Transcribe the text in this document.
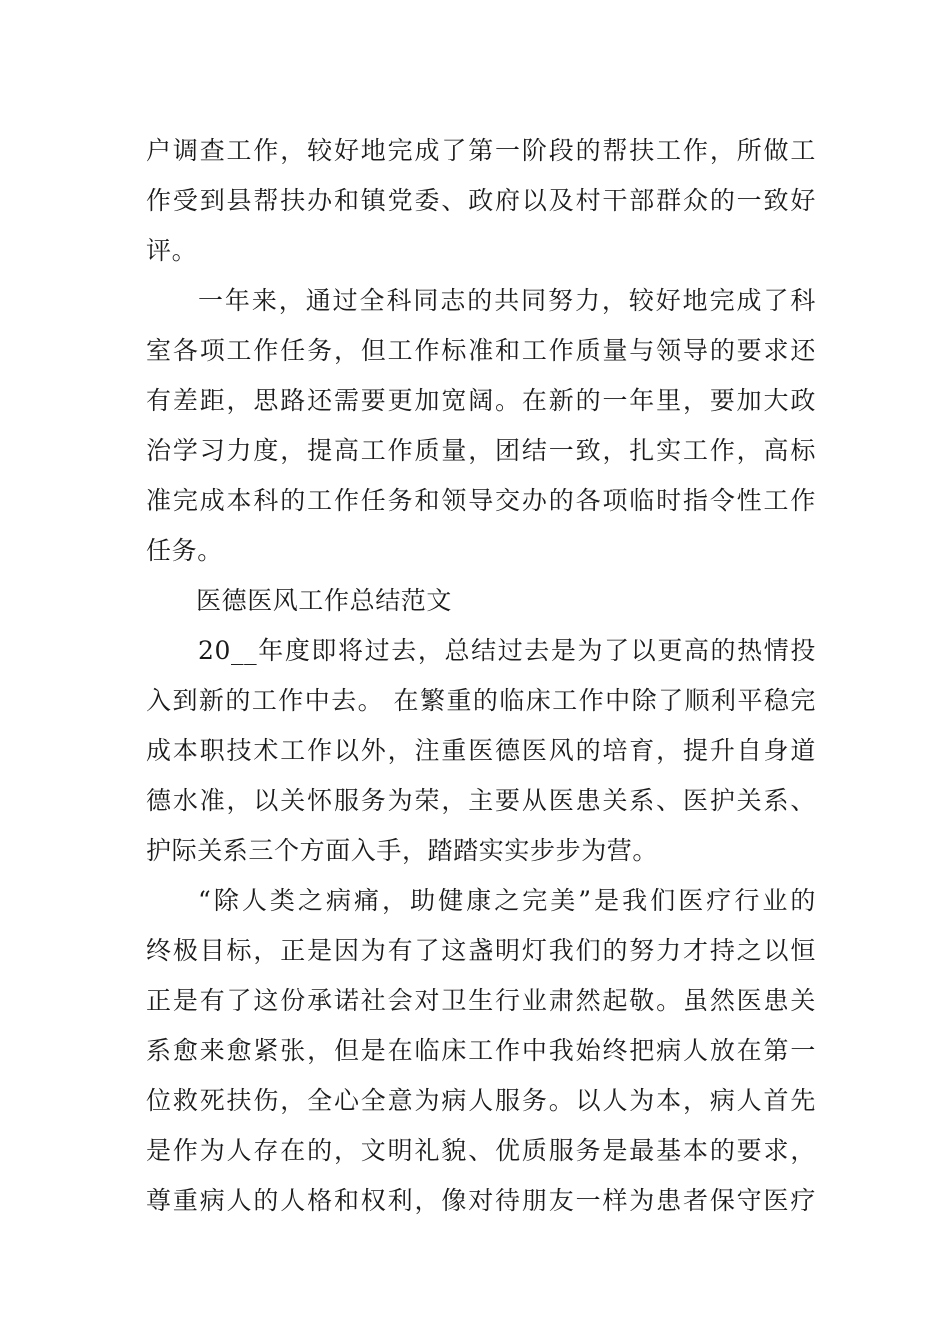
户调查工作，较好地完成了第一阶段的帮扶工作，所做工
作受到县帮扶办和镇党委、政府以及村干部群众的一致好
评。
一年来，通过全科同志的共同努力，较好地完成了科
室各项工作任务，但工作标准和工作质量与领导的要求还
有差距，思路还需要更加宽阔。在新的一年里，要加大政
治学习力度，提高工作质量，团结一致，扎实工作，高标
准完成本科的工作任务和领导交办的各项临时指令性工作
任务。
医德医风工作总结范文
20__年度即将过去，总结过去是为了以更高的热情投
入到新的工作中去。 在繁重的临床工作中除了顺利平稳完
成本职技术工作以外，注重医德医风的培育，提升自身道
德水准，以关怀服务为荣，主要从医患关系、医护关系、
护际关系三个方面入手，踏踏实实步步为营。
“除人类之病痛，助健康之完美”是我们医疗行业的
终极目标，正是因为有了这盏明灯我们的努力才持之以恒
正是有了这份承诺社会对卫生行业肃然起敬。虽然医患关
系愈来愈紧张，但是在临床工作中我始终把病人放在第一
位救死扶伤，全心全意为病人服务。以人为本，病人首先
是作为人存在的，文明礼貌、优质服务是最基本的要求，
尊重病人的人格和权利，像对待朋友一样为患者保守医疗
